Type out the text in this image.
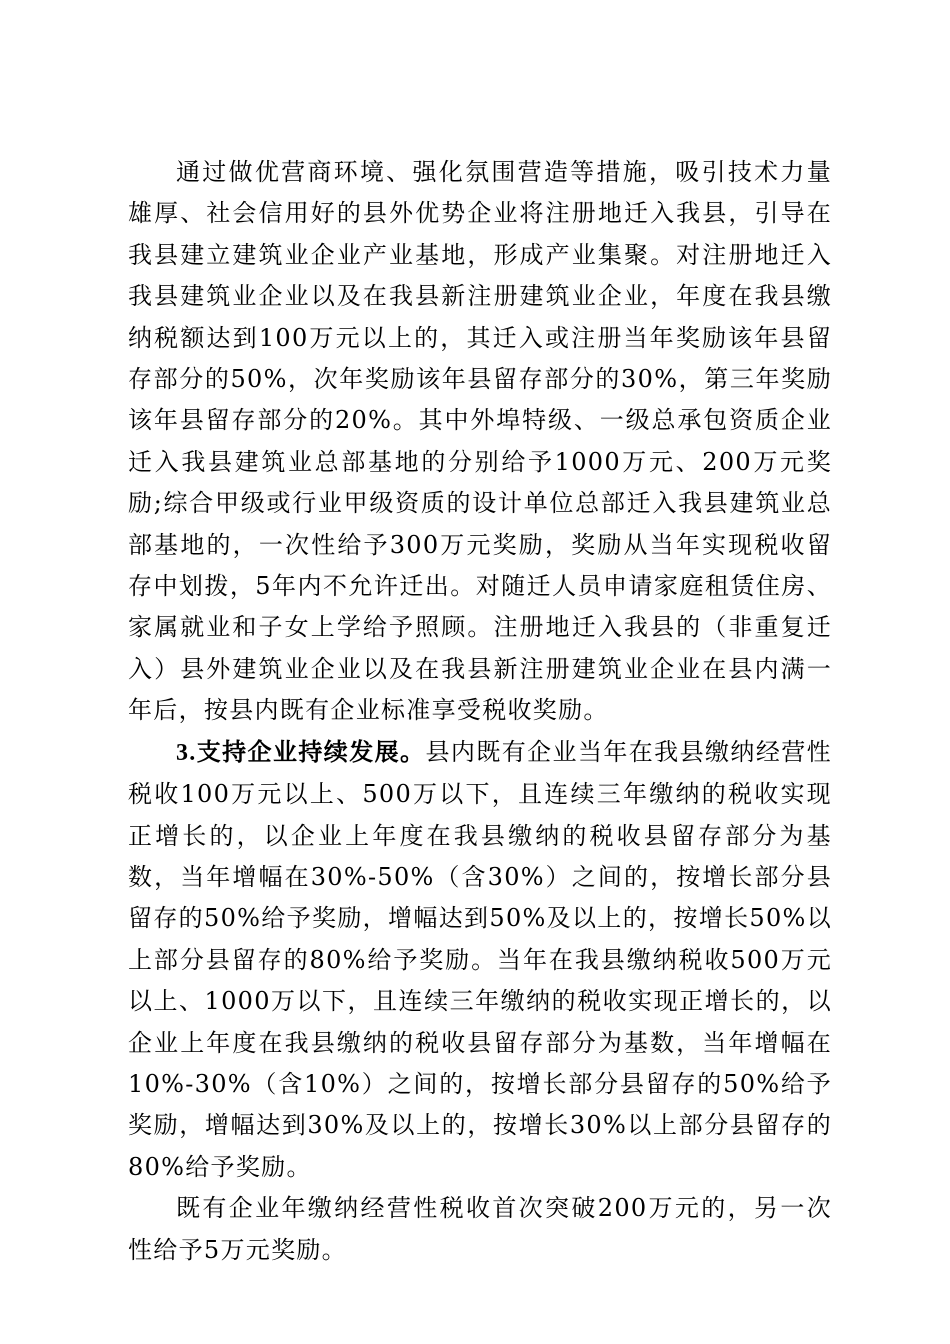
通过做优营商环境、强化氛围营造等措施，吸引技术力量雄厚、社会信用好的县外优势企业将注册地迁入我县，引导在我县建立建筑业企业产业基地，形成产业集聚。对注册地迁入我县建筑业企业以及在我县新注册建筑业企业，年度在我县缴纳税额达到100万元以上的，其迁入或注册当年奖励该年县留存部分的50%，次年奖励该年县留存部分的30%，第三年奖励该年县留存部分的20%。其中外埠特级、一级总承包资质企业迁入我县建筑业总部基地的分别给予1000万元、200万元奖励;综合甲级或行业甲级资质的设计单位总部迁入我县建筑业总部基地的，一次性给予300万元奖励，奖励从当年实现税收留存中划拨，5年内不允许迁出。对随迁人员申请家庭租赁住房、家属就业和子女上学给予照顾。注册地迁入我县的（非重复迁入）县外建筑业企业以及在我县新注册建筑业企业在县内满一年后，按县内既有企业标准享受税收奖励。

3.支持企业持续发展。县内既有企业当年在我县缴纳经营性税收100万元以上、500万以下，且连续三年缴纳的税收实现正增长的，以企业上年度在我县缴纳的税收县留存部分为基数，当年增幅在30%-50%（含30%）之间的，按增长部分县留存的50%给予奖励，增幅达到50%及以上的，按增长50%以上部分县留存的80%给予奖励。当年在我县缴纳税收500万元以上、1000万以下，且连续三年缴纳的税收实现正增长的，以企业上年度在我县缴纳的税收县留存部分为基数，当年增幅在10%-30%（含10%）之间的，按增长部分县留存的50%给予奖励，增幅达到30%及以上的，按增长30%以上部分县留存的80%给予奖励。

既有企业年缴纳经营性税收首次突破200万元的，另一次性给予5万元奖励。
